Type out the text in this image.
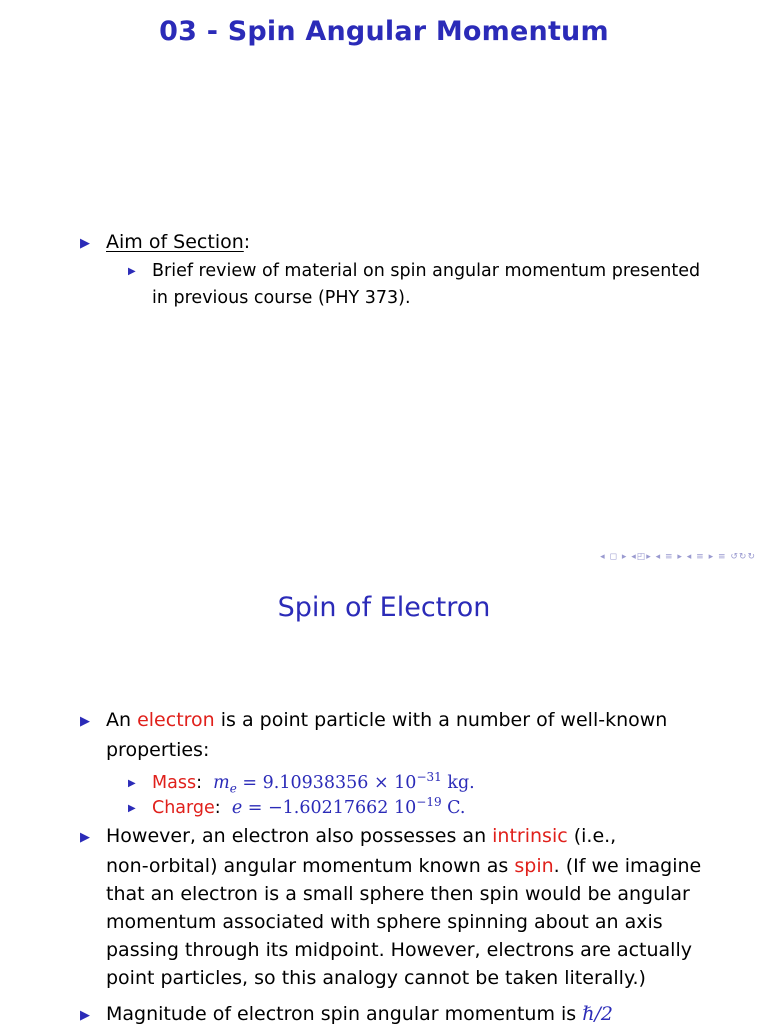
03 - Spin Angular Momentum
▶ Aim of Section:
▶ Brief review of material on spin angular momentum presented
in previous course (PHY 373).
◂ ◻ ▸ ◂◰▸ ◂ ≡ ▸ ◂ ≡ ▸ ≡ ↺↻↻
Spin of Electron
▶ An electron is a point particle with a number of well-known
properties:
▶ Mass: $m_e = 9.10938356 \times 10^{-31}$ kg.
▶ Charge: e = −1.60217662 $10^{-19}$ C.
▶ However, an electron also possesses an intrinsic (i.e.,
non-orbital) angular momentum known as spin. (If we imagine
that an electron is a small sphere then spin would be angular
momentum associated with sphere spinning about an axis
passing through its midpoint. However, electrons are actually
point particles, so this analogy cannot be taken literally.)
▶ Magnitude of electron spin angular momentum is ℏ/2
